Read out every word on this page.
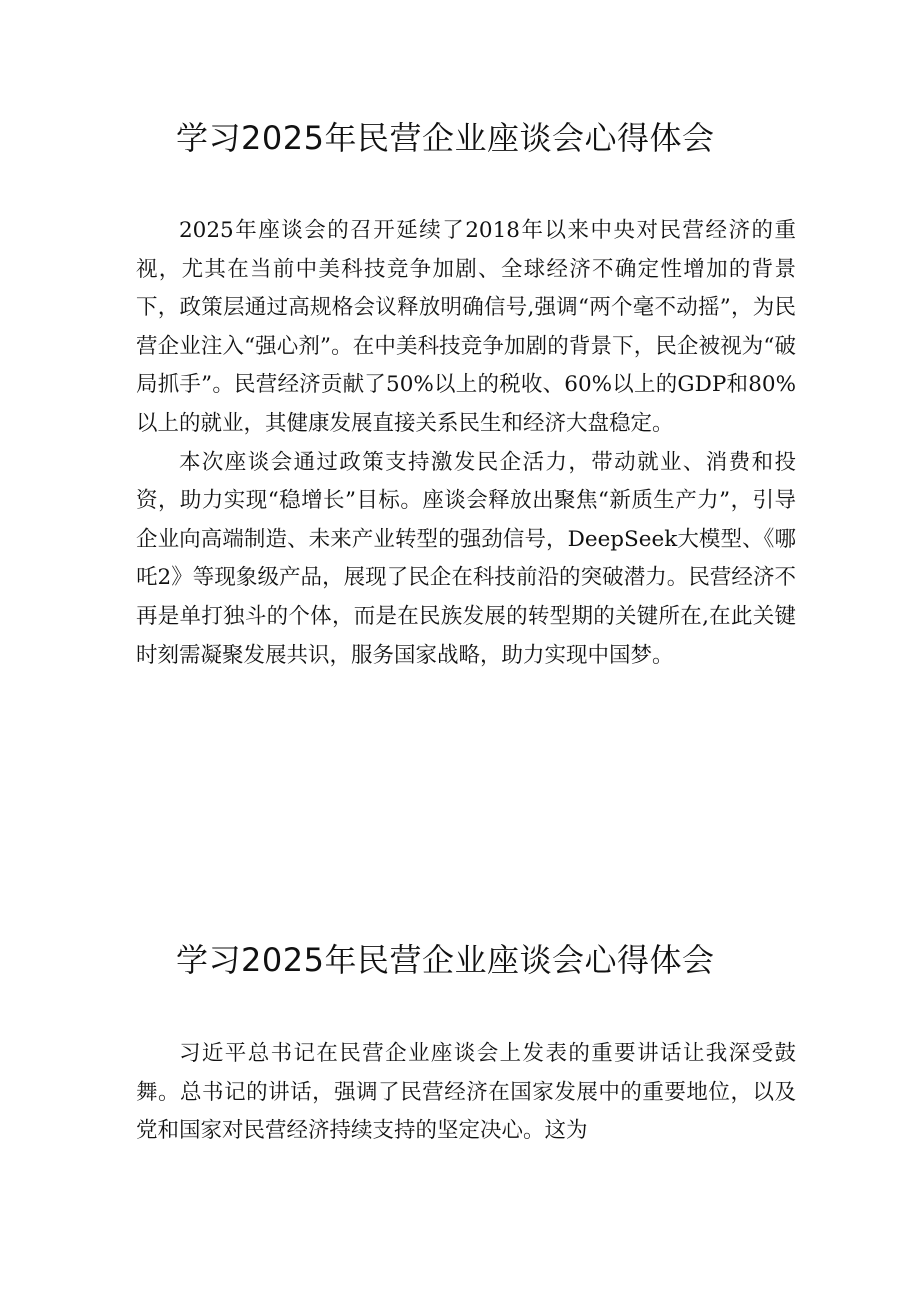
学习2025年民营企业座谈会心得体会

2025年座谈会的召开延续了2018年以来中央对民营经济的重视，尤其在当前中美科技竞争加剧、全球经济不确定性增加的背景下，政策层通过高规格会议释放明确信号,强调“两个毫不动摇”，为民营企业注入“强心剂”。在中美科技竞争加剧的背景下，民企被视为“破局抓手”。民营经济贡献了50%以上的税收、60%以上的GDP和80%以上的就业，其健康发展直接关系民生和经济大盘稳定。

本次座谈会通过政策支持激发民企活力，带动就业、消费和投资，助力实现“稳增长”目标。座谈会释放出聚焦“新质生产力”，引导企业向高端制造、未来产业转型的强劲信号，DeepSeek大模型、《哪吒2》等现象级产品，展现了民企在科技前沿的突破潜力。民营经济不再是单打独斗的个体，而是在民族发展的转型期的关键所在,在此关键时刻需凝聚发展共识，服务国家战略，助力实现中国梦。

学习2025年民营企业座谈会心得体会

习近平总书记在民营企业座谈会上发表的重要讲话让我深受鼓舞。总书记的讲话，强调了民营经济在国家发展中的重要地位，以及党和国家对民营经济持续支持的坚定决心。这为
